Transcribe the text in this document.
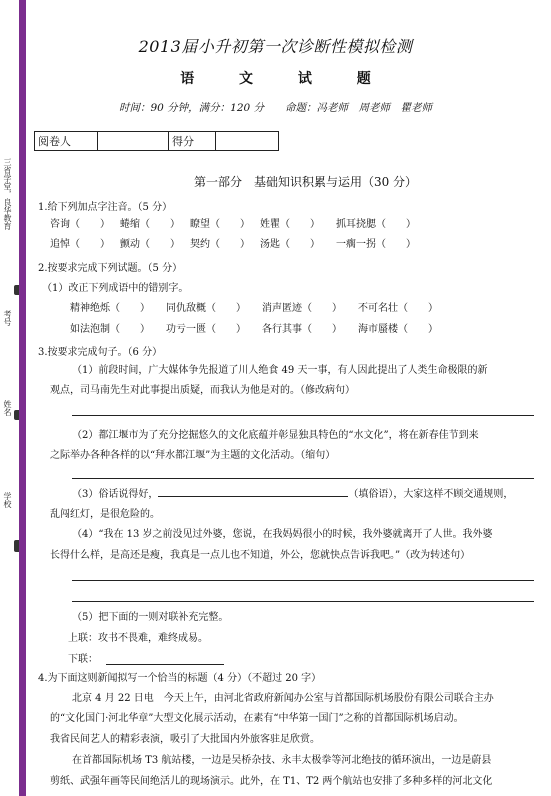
三省学堂，良华教育
考号
姓名
学校
2013届小升初第一次诊断性模拟检测
语 文 试 题
时间：90 分钟，满分：120 分　　命题：冯老师　周老师　瞿老师
阅卷人		得分	
第一部分　基础知识积累与运用（30 分）
1.给下列加点字注音。（5 分）
咨询（　　） 蜷缩（　　） 瞭望（　　） 姓瞿（　　） 抓耳挠腮（　　）
追悼（　　） 颤动（　　） 契约（　　） 汤匙（　　） 一瘸一拐（　　）
2.按要求完成下列试题。（5 分）
（1）改正下列成语中的错别字。
精神绝烁（　　） 同仇敌概（　　） 消声匿迹（　　） 不可名壮（　　）
如法泡制（　　） 功亏一匮（　　） 各行其事（　　） 海市蜃楼（　　）
3.按要求完成句子。（6 分）
（1）前段时间，广大媒体争先报道了川人绝食 49 天一事，有人因此提出了人类生命极限的新
观点，司马南先生对此事提出质疑，而我认为他是对的。（修改病句）
（2）都江堰市为了充分挖掘悠久的文化底蕴并彰显独具特色的“水文化”，将在新春佳节到来
之际举办各种各样的以“拜水都江堰”为主题的文化活动。（缩句）
（3）俗话说得好，	（填俗语），大家这样不顾交通规则，
乱闯红灯，是很危险的。
（4）“我在 13 岁之前没见过外婆，您说，在我妈妈很小的时候，我外婆就离开了人世。我外婆
长得什么样，是高还是瘦，我真是一点儿也不知道，外公，您就快点告诉我吧。”（改为转述句）
（5）把下面的一则对联补充完整。
上联：攻书不畏难，难终成易。
下联：
4.为下面这则新闻拟写一个恰当的标题（4 分）（不超过 20 字）
北京 4 月 22 日电　今天上午，由河北省政府新闻办公室与首都国际机场股份有限公司联合主办
的“文化国门·河北华章”大型文化展示活动，在素有“中华第一国门”之称的首都国际机场启动。
我省民间艺人的精彩表演，吸引了大批国内外旅客驻足欣赏。
在首都国际机场 T3 航站楼，一边是吴桥杂技、永丰太极拳等河北绝技的循环演出，一边是蔚县
剪纸、武强年画等民间绝活儿的现场演示。此外，在 T1、T2 两个航站也安排了多种多样的河北文化
